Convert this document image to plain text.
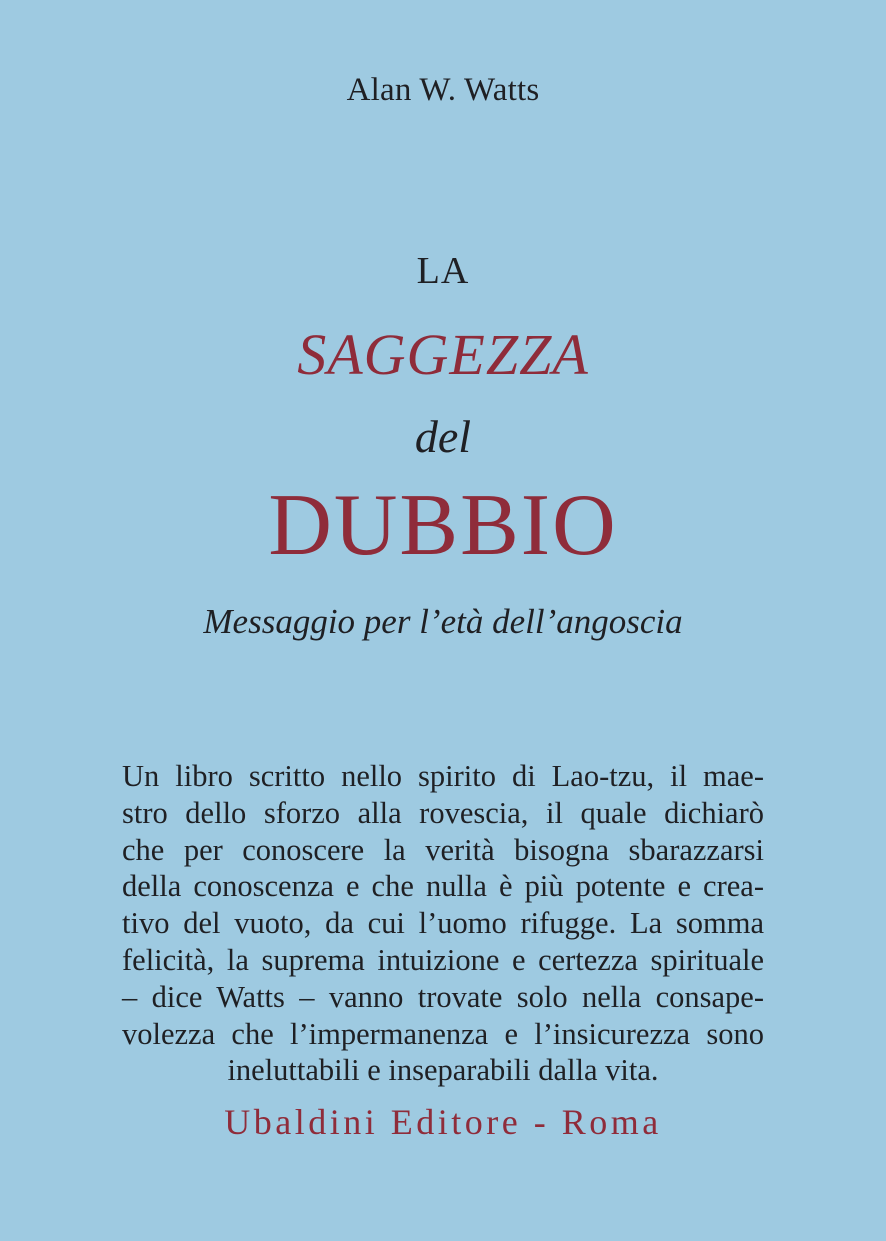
Alan W. Watts
LA
SAGGEZZA
del
DUBBIO
Messaggio per l’età dell’angoscia
Un libro scritto nello spirito di Lao-tzu, il mae-
stro dello sforzo alla rovescia, il quale dichiarò
che per conoscere la verità bisogna sbarazzarsi
della conoscenza e che nulla è più potente e crea-
tivo del vuoto, da cui l’uomo rifugge. La somma
felicità, la suprema intuizione e certezza spirituale
– dice Watts – vanno trovate solo nella consape-
volezza che l’impermanenza e l’insicurezza sono
ineluttabili e inseparabili dalla vita.
Ubaldini Editore - Roma
